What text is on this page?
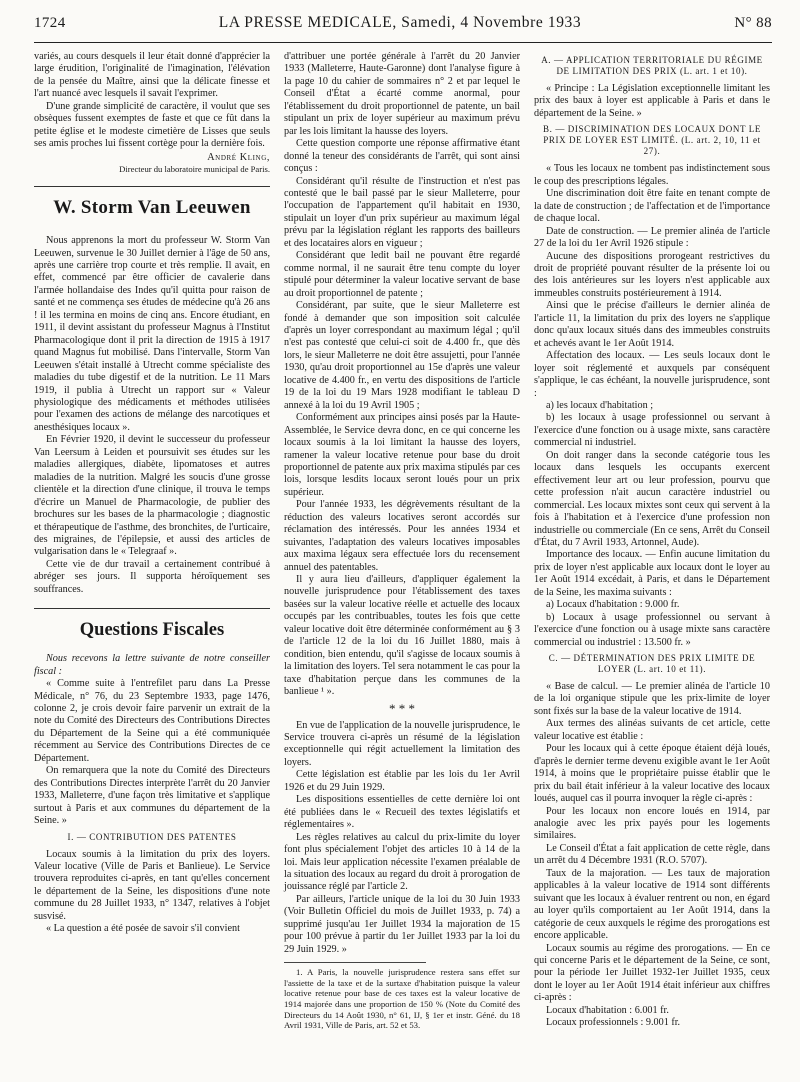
1724	LA PRESSE MEDICALE, Samedi, 4 Novembre 1933	N° 88

variés, au cours desquels il leur était donné d'apprécier la large érudition, l'originalité de l'imagination, l'élévation de la pensée du Maître, ainsi que la délicate finesse et l'art nuancé avec lesquels il savait l'exprimer.

D'une grande simplicité de caractère, il voulut que ses obsèques fussent exemptes de faste et que ce fût dans la petite église et le modeste cimetière de Lisses que seuls ses amis proches lui fissent cortège pour la dernière fois.

André Kling,
Directeur du laboratoire municipal de Paris.
W. Storm Van Leeuwen

Nous apprenons la mort du professeur W. Storm Van Leeuwen, survenue le 30 Juillet dernier à l'âge de 50 ans, après une carrière trop courte et très remplie. Il avait, en effet, commencé par être officier de cavalerie dans l'armée hollandaise des Indes qu'il quitta pour raison de santé et ne commença ses études de médecine qu'à 26 ans ! il les termina en moins de cinq ans. Encore étudiant, en 1911, il devint assistant du professeur Magnus à l'Institut Pharmacologique dont il prit la direction de 1915 à 1917 quand Magnus fut mobilisé. Dans l'intervalle, Storm Van Leeuwen s'était installé à Utrecht comme spécialiste des maladies du tube digestif et de la nutrition. Le 11 Mars 1919, il publia à Utrecht un rapport sur « Valeur physiologique des médicaments et méthodes utilisées pour l'examen des actions de mélange des narcotiques et anesthésiques locaux ».

En Février 1920, il devint le successeur du professeur Van Leersum à Leiden et poursuivit ses études sur les maladies allergiques, diabète, lipomatoses et autres maladies de la nutrition. Malgré les soucis d'une grosse clientèle et la direction d'une clinique, il trouva le temps d'écrire un Manuel de Pharmacologie, de publier des brochures sur les bases de la pharmacologie ; diagnostic et thérapeutique de l'asthme, des bronchites, de l'urticaire, des migraines, de l'épilepsie, et aussi des articles de vulgarisation dans le « Telegraaf ».

Cette vie de dur travail a certainement contribué à abréger ses jours. Il supporta héroïquement ses souffrances.

Questions Fiscales

Nous recevons la lettre suivante de notre conseiller fiscal :

« Comme suite à l'entrefilet paru dans La Presse Médicale, n° 76, du 23 Septembre 1933, page 1476, colonne 2, je crois devoir faire parvenir un extrait de la note du Comité des Directeurs des Contributions Directes du Département de la Seine qui a été communiquée récemment au Service des Contributions Directes de ce Département.

On remarquera que la note du Comité des Directeurs des Contributions Directes interprète l'arrêt du 20 Janvier 1933, Malleterre, d'une façon très limitative et s'applique surtout à Paris et aux communes du département de la Seine. »

I. — CONTRIBUTION DES PATENTES

Locaux soumis à la limitation du prix des loyers. Valeur locative (Ville de Paris et Banlieue). Le Service trouvera reproduites ci-après, en tant qu'elles concernent le département de la Seine, les dispositions d'une note commune du 28 Juillet 1933, n° 1347, relatives à l'objet susvisé.

« La question a été posée de savoir s'il convient

d'attribuer une portée générale à l'arrêt du 20 Janvier 1933 (Malleterre, Haute-Garonne) dont l'analyse figure à la page 10 du cahier de sommaires n° 2 et par lequel le Conseil d'État a écarté comme anormal, pour l'établissement du droit proportionnel de patente, un bail stipulant un prix de loyer supérieur au maximum prévu par les lois limitant la hausse des loyers.

Cette question comporte une réponse affirmative étant donné la teneur des considérants de l'arrêt, qui sont ainsi conçus :

Considérant qu'il résulte de l'instruction et n'est pas contesté que le bail passé par le sieur Malleterre, pour l'occupation de l'appartement qu'il habitait en 1930, stipulait un loyer d'un prix supérieur au maximum légal prévu par la législation réglant les rapports des bailleurs et des locataires alors en vigueur ;

Considérant que ledit bail ne pouvant être regardé comme normal, il ne saurait être tenu compte du loyer stipulé pour déterminer la valeur locative servant de base au droit proportionnel de patente ;

Considérant, par suite, que le sieur Malleterre est fondé à demander que son imposition soit calculée d'après un loyer correspondant au maximum légal ; qu'il n'est pas contesté que celui-ci soit de 4.400 fr., que dès lors, le sieur Malleterre ne doit être assujetti, pour l'année 1930, qu'au droit proportionnel au 15e d'après une valeur locative de 4.400 fr., en vertu des dispositions de l'article 19 de la loi du 19 Mars 1928 modifiant le tableau D annexé à la loi du 19 Avril 1905 ;

Conformément aux principes ainsi posés par la Haute-Assemblée, le Service devra donc, en ce qui concerne les locaux soumis à la loi limitant la hausse des loyers, ramener la valeur locative retenue pour base du droit proportionnel de patente aux prix maxima stipulés par ces lois, lorsque lesdits locaux seront loués pour un prix supérieur.

Pour l'année 1933, les dégrèvements résultant de la réduction des valeurs locatives seront accordés sur réclamation des intéressés. Pour les années 1934 et suivantes, l'adaptation des valeurs locatives imposables aux maxima légaux sera effectuée lors du recensement annuel des patentables.

Il y aura lieu d'ailleurs, d'appliquer également la nouvelle jurisprudence pour l'établissement des taxes basées sur la valeur locative réelle et actuelle des locaux occupés par les contribuables, toutes les fois que cette valeur locative doit être déterminée conformément au § 3 de l'article 12 de la loi du 16 Juillet 1880, mais à condition, bien entendu, qu'il s'agisse de locaux soumis à la limitation des loyers. Tel sera notamment le cas pour la taxe d'habitation perçue dans les communes de la banlieue ¹ ».

* * *

En vue de l'application de la nouvelle jurisprudence, le Service trouvera ci-après un résumé de la législation exceptionnelle qui régit actuellement la limitation des loyers.

Cette législation est établie par les lois du 1er Avril 1926 et du 29 Juin 1929.

Les dispositions essentielles de cette dernière loi ont été publiées dans le « Recueil des textes législatifs et réglementaires ».

Les règles relatives au calcul du prix-limite du loyer font plus spécialement l'objet des articles 10 à 14 de la loi. Mais leur application nécessite l'examen préalable de la situation des locaux au regard du droit à prorogation de jouissance réglé par l'article 2.

Par ailleurs, l'article unique de la loi du 30 Juin 1933 (Voir Bulletin Officiel du mois de Juillet 1933, p. 74) a supprimé jusqu'au 1er Juillet 1934 la majoration de 15 pour 100 prévue à partir du 1er Juillet 1933 par la loi du 29 Juin 1929. »

1. A Paris, la nouvelle jurisprudence restera sans effet sur l'assiette de la taxe et de la surtaxe d'habitation puisque la valeur locative retenue pour base de ces taxes est la valeur locative de 1914 majorée dans une proportion de 150 % (Note du Comité des Directeurs du 14 Août 1930, n° 61, IJ, § 1er et instr. Géné. du 18 Avril 1931, Ville de Paris, art. 52 et 53.

A. — APPLICATION TERRITORIALE DU RÉGIME DE LIMITATION DES PRIX (L. art. 1 et 10).

« Principe : La Législation exceptionnelle limitant les prix des baux à loyer est applicable à Paris et dans le département de la Seine. »

B. — DISCRIMINATION DES LOCAUX DONT LE PRIX DE LOYER EST LIMITÉ. (L. art. 2, 10, 11 et 27).

« Tous les locaux ne tombent pas indistinctement sous le coup des prescriptions légales.

Une discrimination doit être faite en tenant compte de la date de construction ; de l'affectation et de l'importance de chaque local.

Date de construction. — Le premier alinéa de l'article 27 de la loi du 1er Avril 1926 stipule :

Aucune des dispositions prorogeant restrictives du droit de propriété pouvant résulter de la présente loi ou des lois antérieures sur les loyers n'est applicable aux immeubles construits postérieurement à 1914.

Ainsi que le précise d'ailleurs le dernier alinéa de l'article 11, la limitation du prix des loyers ne s'applique donc qu'aux locaux situés dans des immeubles construits et achevés avant le 1er Août 1914.

Affectation des locaux. — Les seuls locaux dont le loyer soit réglementé et auxquels par conséquent s'applique, le cas échéant, la nouvelle jurisprudence, sont :

a) les locaux d'habitation ;

b) les locaux à usage professionnel ou servant à l'exercice d'une fonction ou à usage mixte, sans caractère commercial ni industriel.

On doit ranger dans la seconde catégorie tous les locaux dans lesquels les occupants exercent effectivement leur art ou leur profession, pourvu que cette profession n'ait aucun caractère industriel ou commercial. Les locaux mixtes sont ceux qui servent à la fois à l'habitation et à l'exercice d'une profession non industrielle ou commerciale (En ce sens, Arrêt du Conseil d'État, du 7 Avril 1933, Artonnel, Aude).

Importance des locaux. — Enfin aucune limitation du prix de loyer n'est applicable aux locaux dont le loyer au 1er Août 1914 excédait, à Paris, et dans le Département de la Seine, les maxima suivants :

a) Locaux d'habitation : 9.000 fr.

b) Locaux à usage professionnel ou servant à l'exercice d'une fonction ou à usage mixte sans caractère commercial ou industriel : 13.500 fr. »

C. — DÉTERMINATION DES PRIX LIMITE DE LOYER (L. art. 10 et 11).

« Base de calcul. — Le premier alinéa de l'article 10 de la loi organique stipule que les prix-limite de loyer sont fixés sur la base de la valeur locative de 1914.

Aux termes des alinéas suivants de cet article, cette valeur locative est établie :

Pour les locaux qui à cette époque étaient déjà loués, d'après le dernier terme devenu exigible avant le 1er Août 1914, à moins que le propriétaire puisse établir que le prix du bail était inférieur à la valeur locative des locaux loués, auquel cas il pourra invoquer la règle ci-après :

Pour les locaux non encore loués en 1914, par analogie avec les prix payés pour les logements similaires.

Le Conseil d'État a fait application de cette règle, dans un arrêt du 4 Décembre 1931 (R.O. 5707).

Taux de la majoration. — Les taux de majoration applicables à la valeur locative de 1914 sont différents suivant que les locaux à évaluer rentrent ou non, en égard au loyer qu'ils comportaient au 1er Août 1914, dans la catégorie de ceux auxquels le régime des prorogations est encore applicable.

Locaux soumis au régime des prorogations. — En ce qui concerne Paris et le département de la Seine, ce sont, pour la période 1er Juillet 1932-1er Juillet 1935, ceux dont le loyer au 1er Août 1914 était inférieur aux chiffres ci-après :

Locaux d'habitation : 6.001 fr.

Locaux professionnels : 9.001 fr.
